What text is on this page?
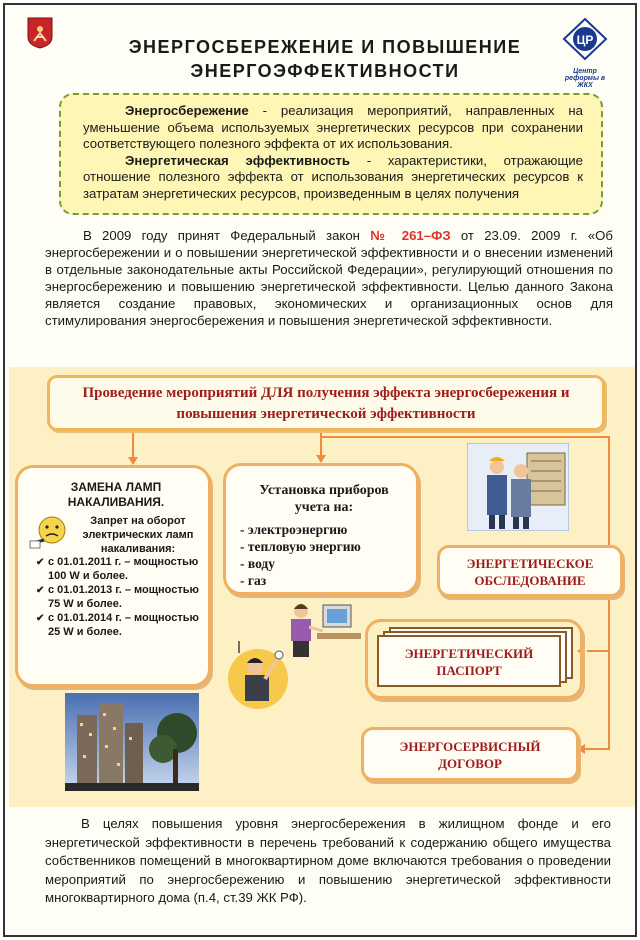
ЦР
Центр реформы в ЖКХ
ЭНЕРГОСБЕРЕЖЕНИЕ И ПОВЫШЕНИЕ
ЭНЕРГОЭФФЕКТИВНОСТИ

Энергосбережение - реализация мероприятий, направленных на уменьшение объема используемых энергетических ресурсов при сохранении соответствующего полезного эффекта от их использования.

Энергетическая эффективность - характеристики, отражающие отношение полезного эффекта от использования энергетических ресурсов к затратам энергетических ресурсов, произведенным в целях получения

В 2009 году принят Федеральный закон № 261–ФЗ от 23.09. 2009 г. «Об энергосбережении и о повышении энергетической эффективности и о внесении изменений в отдельные законодательные акты Российской Федерации», регулирующий отношения по энергосбережению и повышению энергетической эффективности. Целью данного Закона является создание правовых, экономических и организационных основ для стимулирования энергосбережения и повышения энергетической эффективности.

Проведение мероприятий ДЛЯ получения эффекта энергосбережения и
повышения энергетической эффективности
ЗАМЕНА ЛАМП
НАКАЛИВАНИЯ.
Запрет на оборот электрических ламп накаливания:
✔ с 01.01.2011 г. – мощностью 100 W и более.
✔ с 01.01.2013 г. – мощностью 75 W и более.
✔ с 01.01.2014 г. – мощностью 25 W и более.
Установка приборов
учета на:
- электроэнергию
- тепловую энергию
- воду
- газ
ЭНЕРГЕТИЧЕСКОЕ
ОБСЛЕДОВАНИЕ
ЭНЕРГЕТИЧЕСКИЙ
ПАСПОРТ
ЭНЕРГОСЕРВИСНЫЙ
ДОГОВОР

В целях повышения уровня энергосбережения в жилищном фонде и его энергетической эффективности в перечень требований к содержанию общего имущества собственников помещений в многоквартирном доме включаются требования о проведении мероприятий по энергосбережению и повышению энергетической эффективности многоквартирного дома (п.4, ст.39 ЖК РФ).
